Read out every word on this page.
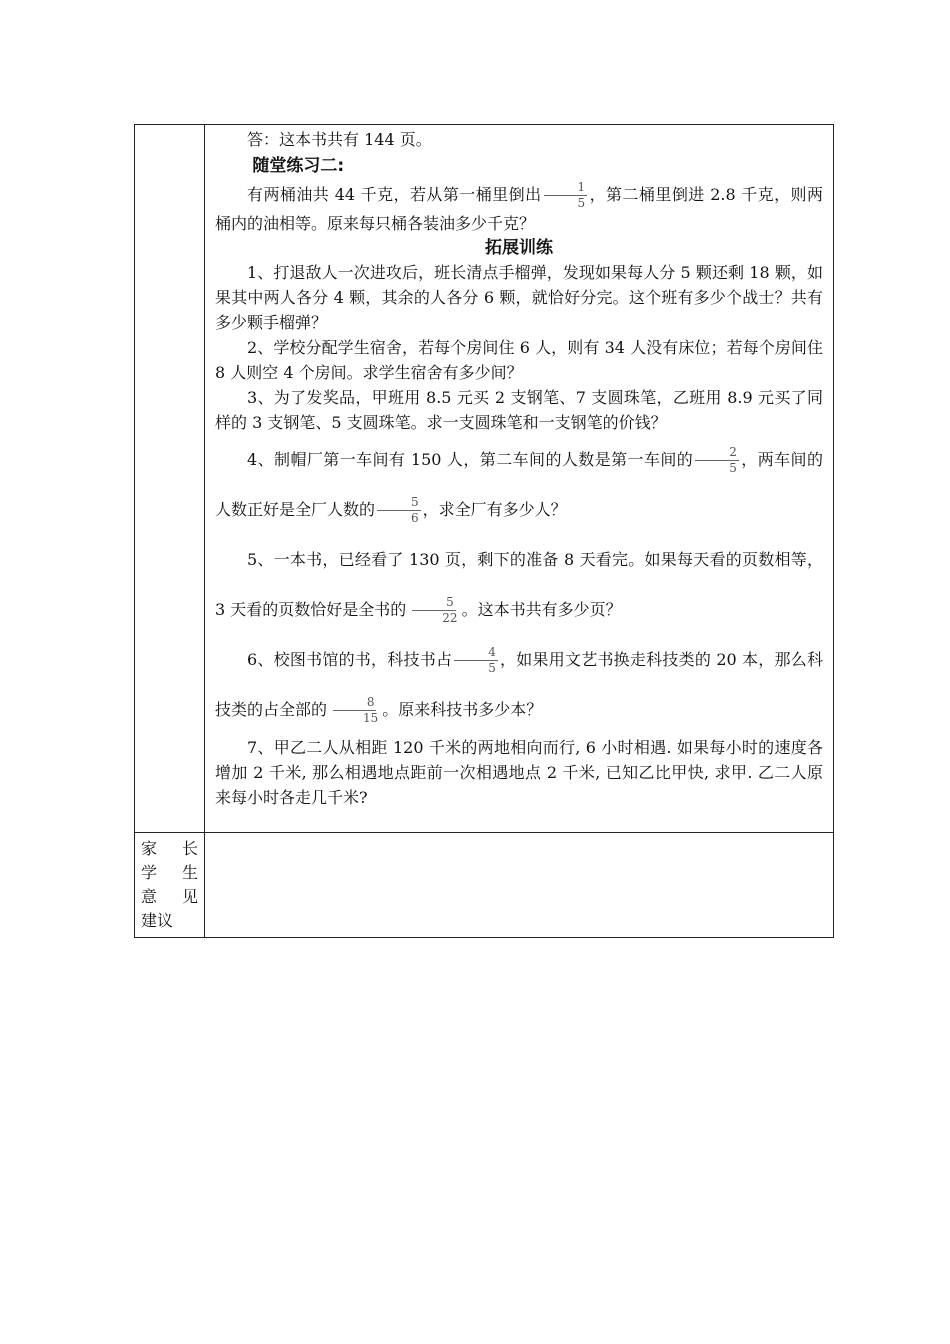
答：这本书共有 144 页。

随堂练习二:

有两桶油共 44 千克，若从第一桶里倒出 $\frac{1}{5}$ ，第二桶里倒进 2.8 千克，则两桶内的油相等。原来每只桶各装油多少千克？

拓展训练

1、打退敌人一次进攻后，班长清点手榴弹，发现如果每人分 5 颗还剩 18 颗，如果其中两人各分 4 颗，其余的人各分 6 颗，就恰好分完。这个班有多少个战士？共有多少颗手榴弹？

2、学校分配学生宿舍，若每个房间住 6 人，则有 34 人没有床位；若每个房间住 8 人则空 4 个房间。求学生宿舍有多少间？

3、为了发奖品，甲班用 8.5 元买 2 支钢笔、7 支圆珠笔，乙班用 8.9 元买了同样的 3 支钢笔、5 支圆珠笔。求一支圆珠笔和一支钢笔的价钱？

4、制帽厂第一车间有 150 人，第二车间的人数是第一车间的 $\frac{2}{5}$ ，两车间的人数正好是全厂人数的 $\frac{5}{6}$ ，求全厂有多少人？

5、一本书，已经看了 130 页，剩下的准备 8 天看完。如果每天看的页数相等，3 天看的页数恰好是全书的 $\frac{5}{22}$ 。这本书共有多少页？

6、校图书馆的书，科技书占 $\frac{4}{5}$ ，如果用文艺书换走科技类的 20 本，那么科技类的占全部的 $\frac{8}{15}$ 。原来科技书多少本？

7、甲乙二人从相距 120 千米的两地相向而行, 6 小时相遇. 如果每小时的速度各增加 2 千米, 那么相遇地点距前一次相遇地点 2 千米, 已知乙比甲快, 求甲. 乙二人原来每小时各走几千米?

家 长
学 生
意 见
建议
